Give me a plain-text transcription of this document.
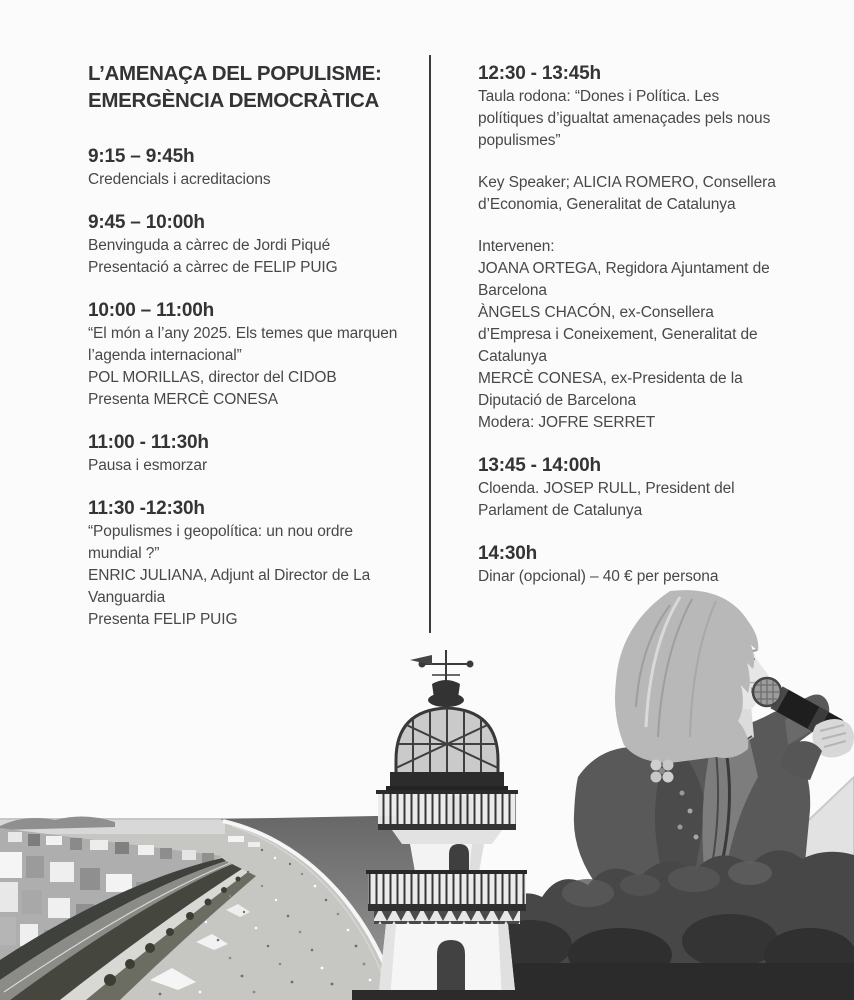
L’AMENAÇA DEL POPULISME:
EMERGÈNCIA DEMOCRÀTICA
9:15 – 9:45h
Credencials i acreditacions
9:45 – 10:00h
Benvinguda a càrrec de Jordi Piqué
Presentació a càrrec de FELIP PUIG
10:00 – 11:00h
“El món a l’any 2025. Els temes que marquen
l’agenda internacional”
POL MORILLAS, director del CIDOB
Presenta MERCÈ CONESA
11:00 - 11:30h
Pausa i esmorzar
11:30 -12:30h
“Populismes i geopolítica: un nou ordre
mundial ?”
ENRIC JULIANA, Adjunt al Director de La
Vanguardia
Presenta FELIP PUIG
12:30 - 13:45h
Taula rodona: “Dones i Política. Les
polítiques d’igualtat amenaçades pels nous
populismes”
Key Speaker; ALICIA ROMERO, Consellera
d’Economia, Generalitat de Catalunya
Intervenen:
JOANA ORTEGA, Regidora Ajuntament de
Barcelona
ÀNGELS CHACÓN, ex-Consellera
d’Empresa i Coneixement, Generalitat de
Catalunya
MERCÈ CONESA, ex-Presidenta de la
Diputació de Barcelona
Modera: JOFRE SERRET
13:45 - 14:00h
Cloenda. JOSEP RULL, President del
Parlament de Catalunya
14:30h
Dinar (opcional) – 40 € per persona
